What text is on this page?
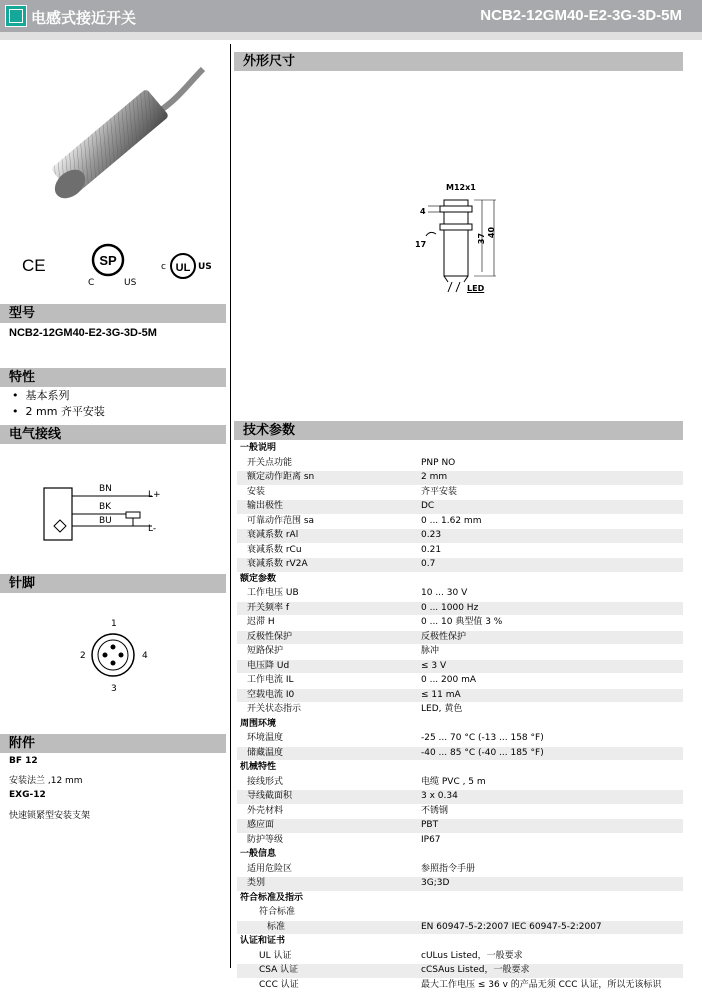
电感式接近开关	NCB2-12GM40-E2-3G-3D-5M
CE	SP
C	US
c UL US
型号
NCB2-12GM40-E2-3G-3D-5M
特性
•  基本系列
•  2 mm 齐平安装
电气接线
BN
BK
BU
L+
L-
针脚
1
2
3
4
附件
BF 12
安装法兰 ,12 mm
EXG-12
快速锁紧型安装支架
外形尺寸
M12x1
4
17
37
40
LED
技术参数
一般说明
开关点功能	PNP NO
额定动作距离 sn	2 mm
安装	齐平安装
输出极性	DC
可靠动作范围 sa	0 ... 1.62 mm
衰减系数 rAl	0.23
衰减系数 rCu	0.21
衰减系数 rV2A	0.7
额定参数
工作电压 UB	10 ... 30 V
开关频率 f	0 ... 1000 Hz
迟滞 H	0 ... 10 典型值 3 %
反极性保护	反极性保护
短路保护	脉冲
电压降 Ud	≤ 3 V
工作电流 IL	0 ... 200 mA
空载电流 I0	≤ 11 mA
开关状态指示	LED, 黄色
周围环境
环境温度	-25 ... 70 °C (-13 ... 158 °F)
储藏温度	-40 ... 85 °C (-40 ... 185 °F)
机械特性
接线形式	电缆 PVC , 5 m
导线截面积	3 x 0.34
外壳材料	不锈钢
感应面	PBT
防护等级	IP67
一般信息
适用危险区	参照指令手册
类别	3G;3D
符合标准及指示
符合标准
标准	EN 60947-5-2:2007 IEC 60947-5-2:2007
认证和证书
UL 认证	cULus Listed，一般要求
CSA 认证	cCSAus Listed，一般要求
CCC 认证	最大工作电压 ≤ 36 v 的产品无须 CCC 认证，所以无该标识
